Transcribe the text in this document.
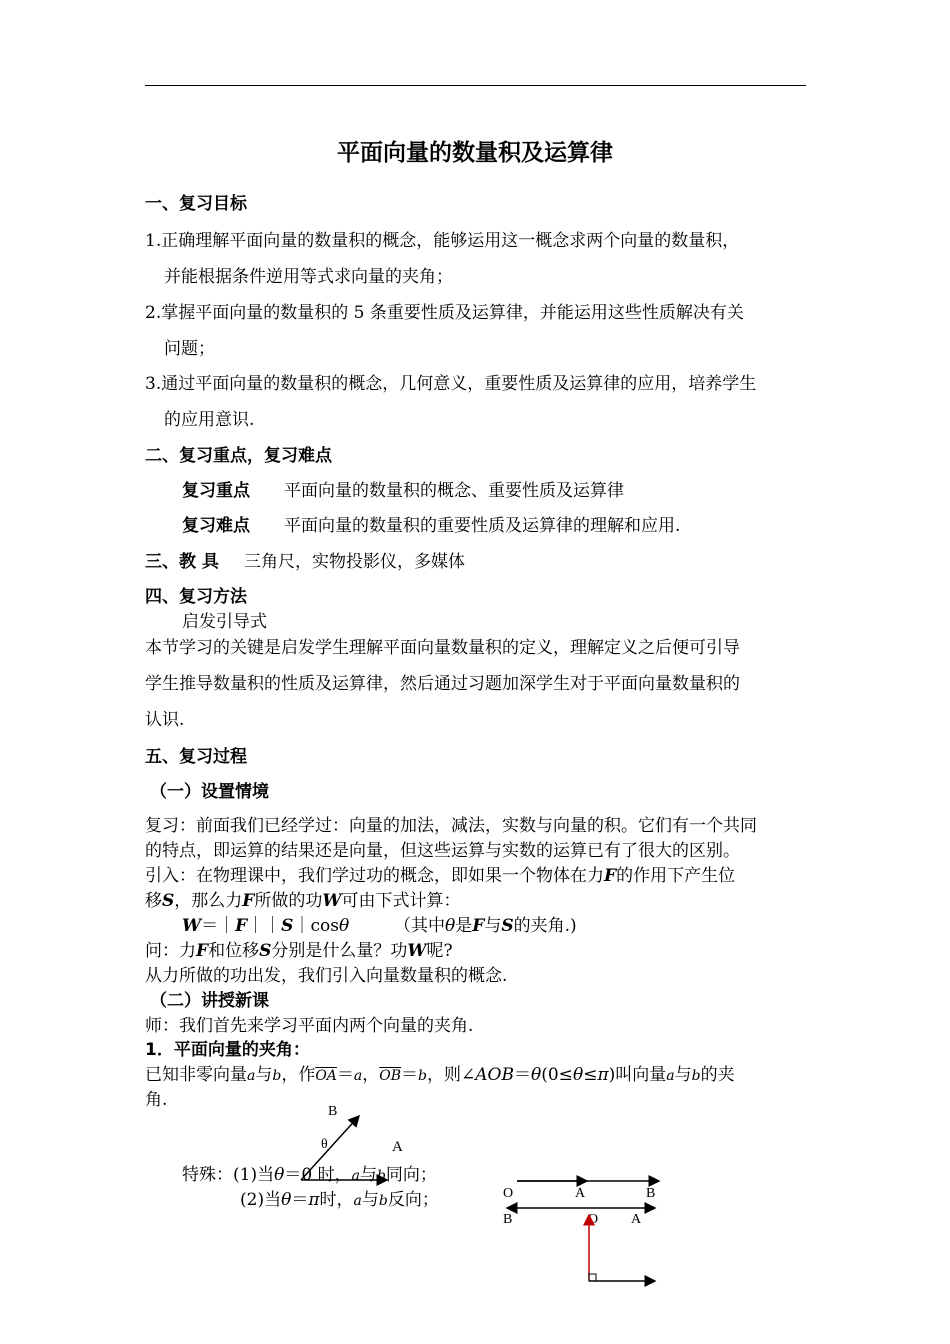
平面向量的数量积及运算律
一、复习目标
1.正确理解平面向量的数量积的概念，能够运用这一概念求两个向量的数量积，
并能根据条件逆用等式求向量的夹角；
2.掌握平面向量的数量积的 5 条重要性质及运算律，并能运用这些性质解决有关
问题；
3.通过平面向量的数量积的概念，几何意义，重要性质及运算律的应用，培养学生
的应用意识.
二、复习重点，复习难点
复习重点 平面向量的数量积的概念、重要性质及运算律
复习难点 平面向量的数量积的重要性质及运算律的理解和应用.
三、教 具 三角尺，实物投影仪，多媒体
四、复习方法
启发引导式
本节学习的关键是启发学生理解平面向量数量积的定义，理解定义之后便可引导
学生推导数量积的性质及运算律，然后通过习题加深学生对于平面向量数量积的
认识.
五、复习过程
（一）设置情境
复习：前面我们已经学过：向量的加法，减法，实数与向量的积。它们有一个共同
的特点，即运算的结果还是向量，但这些运算与实数的运算已有了很大的区别。
引入：在物理课中，我们学过功的概念，即如果一个物体在力F的作用下产生位
移S，那么力F所做的功W可由下式计算：
W＝｜F｜｜S｜cosθ	（其中θ是F与S的夹角.)
问：力F和位移S分别是什么量？功W呢?
从力所做的功出发，我们引入向量数量积的概念.
（二）讲授新课
师：我们首先来学习平面内两个向量的夹角.
1．平面向量的夹角：
已知非零向量a与b，作$\overline{OA}=a$，$\overline{OB}=b$，则∠AOB＝θ(0≤θ≤π)叫向量a与b的夹
角.
B
θ	A
特殊：(1)当θ＝0 时，a与b同向；
(2)当θ＝π时，a与b反向；	O	A	B
B	O A
